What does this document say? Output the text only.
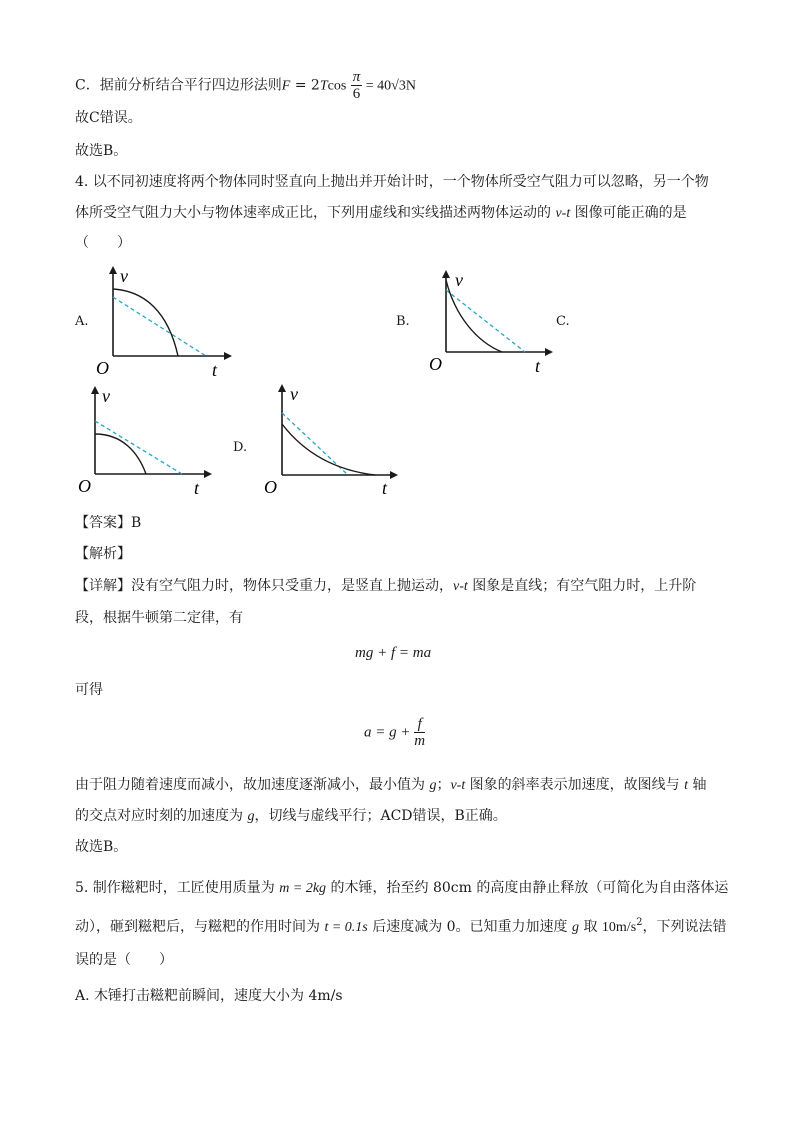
C．据前分析结合平行四边形法则$F = 2Tcos \frac{\pi}{6} = 40√3N$
故C错误。
故选B。
4. 以不同初速度将两个物体同时竖直向上抛出并开始计时，一个物体所受空气阻力可以忽略，另一个物
体所受空气阻力大小与物体速率成正比，下列用虚线和实线描述两物体运动的 v-t 图像可能正确的是
（　　）
A.	B.	C.
D.
v
t
O
v
t
O
v
t
O
v
t
O
【答案】B
【解析】
【详解】没有空气阻力时，物体只受重力，是竖直上抛运动，v-t 图象是直线；有空气阻力时，上升阶
段，根据牛顿第二定律，有
mg + f = ma
可得
$a = g + \frac{f}{m}$
由于阻力随着速度而减小，故加速度逐渐减小，最小值为 g；v-t 图象的斜率表示加速度，故图线与 t 轴
的交点对应时刻的加速度为 g，切线与虚线平行；ACD错误，B正确。
故选B。
5. 制作糍粑时，工匠使用质量为 m = 2kg 的木锤，抬至约 80cm 的高度由静止释放（可简化为自由落体运
动），砸到糍粑后，与糍粑的作用时间为 t = 0.1s 后速度减为 0。已知重力加速度 g 取 $10m/s^2$，下列说法错
误的是（　　）
A. 木锤打击糍粑前瞬间，速度大小为 4m/s
